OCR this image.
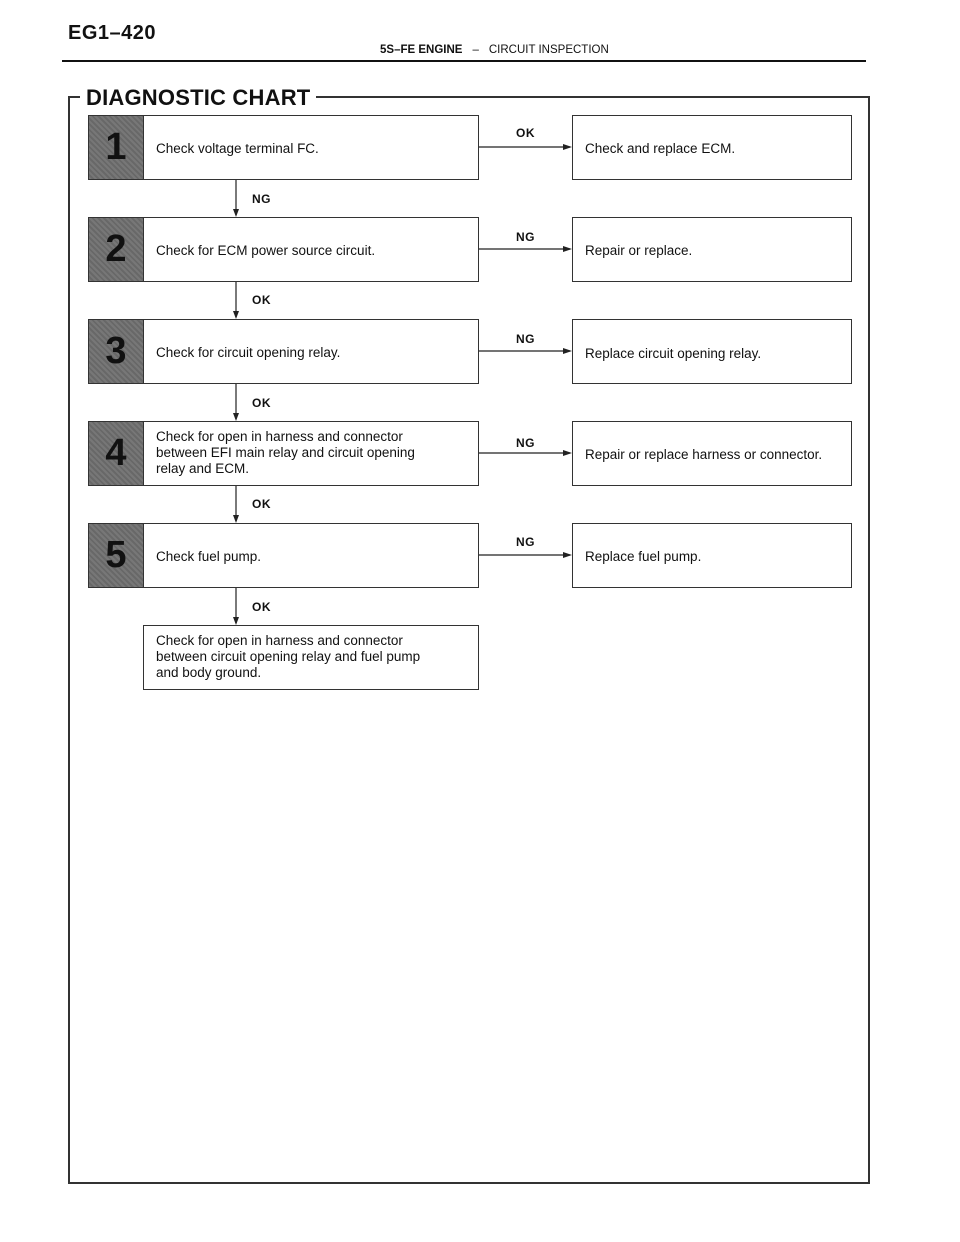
EG1–420
5S–FE ENGINE – CIRCUIT INSPECTION
DIAGNOSTIC CHART
1	Check voltage terminal FC.	Check and replace ECM.
OK
NG
2	Check for ECM power source circuit.	Repair or replace.
NG
OK
3	Check for circuit opening relay.	Replace circuit opening relay.
NG
OK
4	Check for open in harness and connector
between EFI main relay and circuit opening
relay and ECM.
Repair or replace harness or connector.
NG
OK
5	Check fuel pump.	Replace fuel pump.
NG
OK
Check for open in harness and connector
between circuit opening relay and fuel pump
and body ground.
